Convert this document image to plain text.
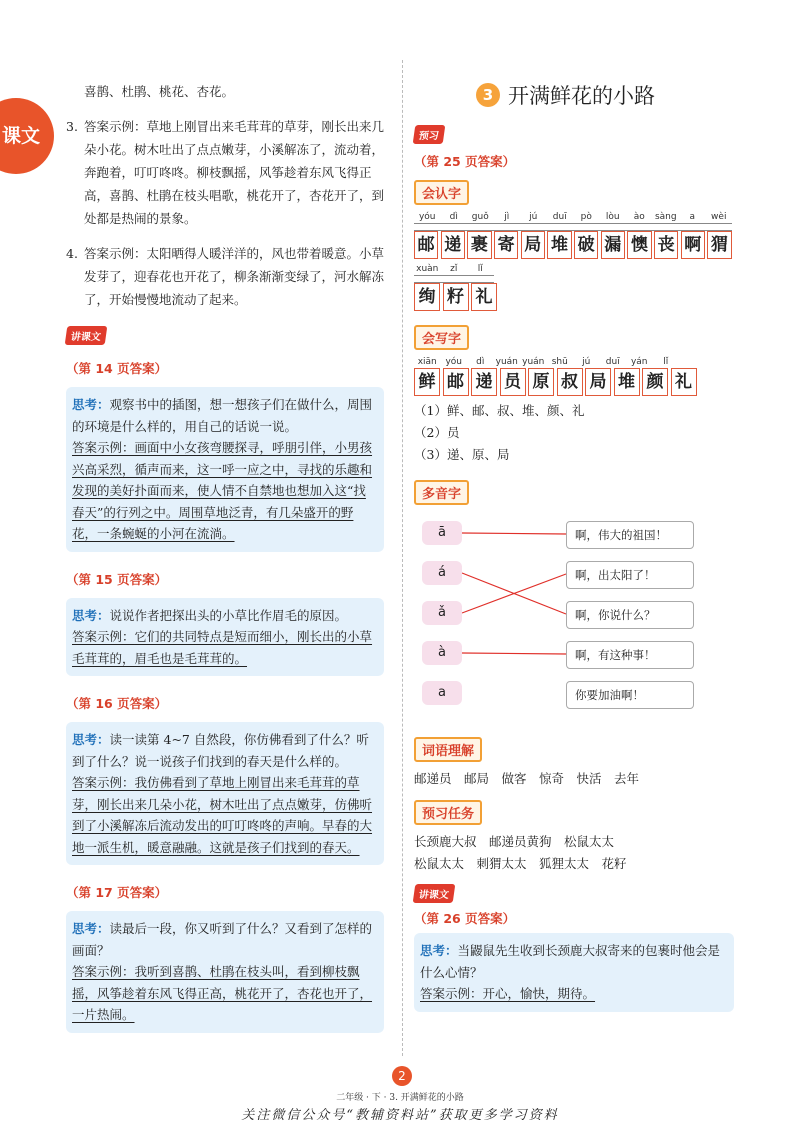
课文

喜鹊、杜鹃、桃花、杏花。

3. 答案示例：草地上刚冒出来毛茸茸的草芽，刚长出来几朵小花。树木吐出了点点嫩芽，小溪解冻了，流动着，奔跑着，叮叮咚咚。柳枝飘摇，风筝趁着东风飞得正高，喜鹊、杜鹃在枝头唱歌，桃花开了，杏花开了，到处都是热闹的景象。
4. 答案示例：太阳晒得人暖洋洋的，风也带着暖意。小草发芽了，迎春花也开花了，柳条渐渐变绿了，河水解冻了，开始慢慢地流动了起来。
讲课文
（第 14 页答案）
思考：观察书中的插图，想一想孩子们在做什么，周围的环境是什么样的，用自己的话说一说。
答案示例：画面中小女孩弯腰探寻，呼朋引伴，小男孩兴高采烈，循声而来，这一呼一应之中，寻找的乐趣和发现的美好扑面而来，使人情不自禁地也想加入这“找春天”的行列之中。周围草地泛青，有几朵盛开的野花，一条蜿蜒的小河在流淌。
（第 15 页答案）
思考：说说作者把探出头的小草比作眉毛的原因。
答案示例：它们的共同特点是短而细小，刚长出的小草毛茸茸的，眉毛也是毛茸茸的。
（第 16 页答案）
思考：读一读第 4~7 自然段，你仿佛看到了什么？听到了什么？说一说孩子们找到的春天是什么样的。
答案示例：我仿佛看到了草地上刚冒出来毛茸茸的草芽，刚长出来几朵小花，树木吐出了点点嫩芽，仿佛听到了小溪解冻后流动发出的叮叮咚咚的声响。早春的大地一派生机，暖意融融。这就是孩子们找到的春天。
（第 17 页答案）
思考：读最后一段，你又听到了什么？又看到了怎样的画面？
答案示例：我听到喜鹊、杜鹃在枝头叫，看到柳枝飘摇，风筝趁着东风飞得正高，桃花开了，杏花也开了，一片热闹。
3 开满鲜花的小路
预习
（第 25 页答案）
会认字
yóu	dì	guǒ	jì	jú	duī	pò	lòu	ào	sàng	a	wèi
邮 递 裹 寄 局 堆 破 漏 懊 丧 啊 猬
xuàn	zǐ	lǐ
绚 籽 礼
会写字
xiān yóu	dì	yuán yuán shū	jú	duī	yán	lǐ
鲜 邮 递 员 原 叔 局 堆 颜 礼
（1）鲜、邮、叔、堆、颜、礼
（2）员
（3）递、原、局
多音字
ā
á
ǎ
à
a
啊，伟大的祖国！
啊，出太阳了！
啊，你说什么？
啊，有这种事！
你要加油啊！
词语理解
邮递员　邮局　做客　惊奇　快活　去年
预习任务
长颈鹿大叔　邮递员黄狗　松鼠太太
松鼠太太　刺猬太太　狐狸太太　花籽
讲课文
（第 26 页答案）
思考：当鼹鼠先生收到长颈鹿大叔寄来的包裹时他会是什么心情？
答案示例：开心，愉快，期待。
2
二年级 · 下 · 3. 开满鲜花的小路
关注微信公众号“教辅资料站”获取更多学习资料
